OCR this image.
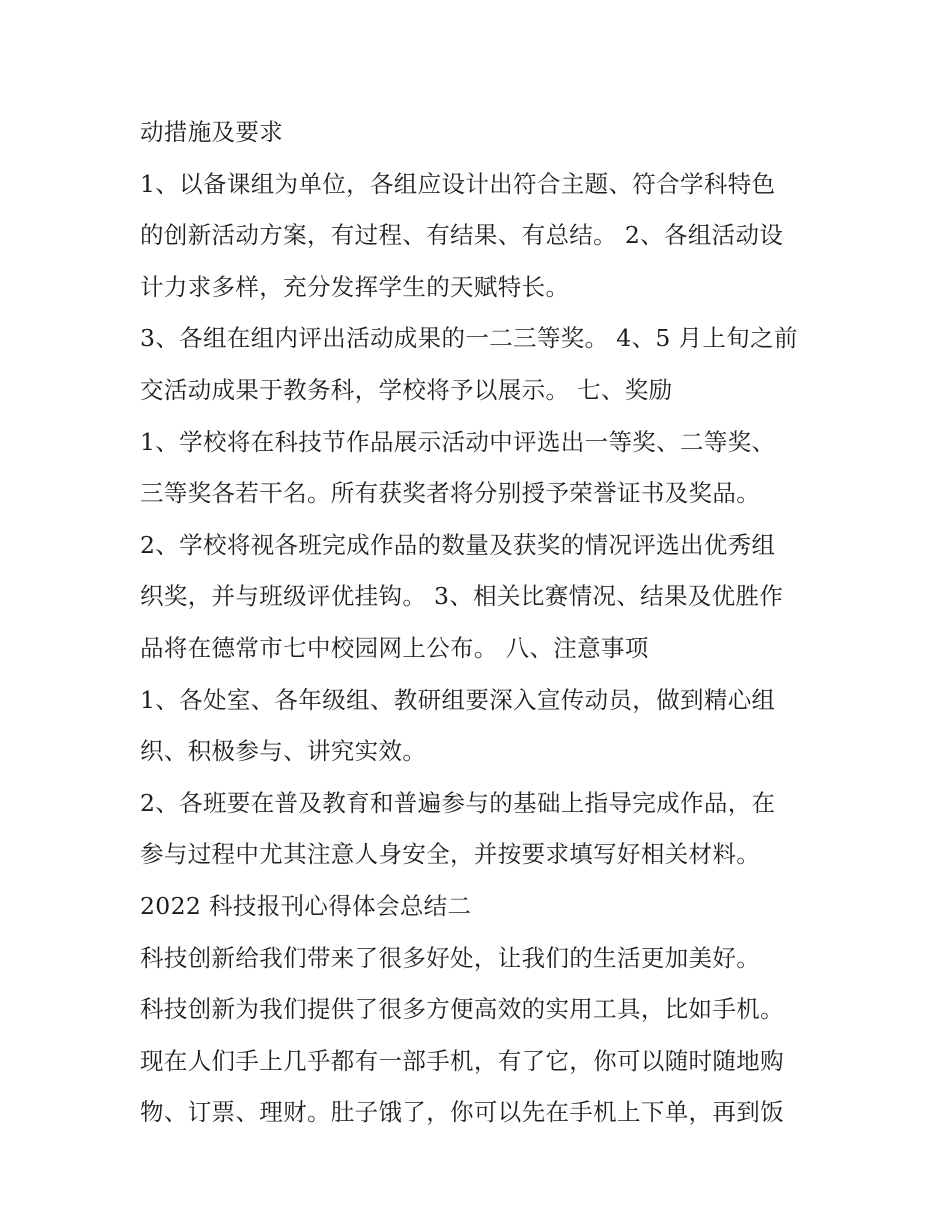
动措施及要求

1、以备课组为单位，各组应设计出符合主题、符合学科特色

的创新活动方案，有过程、有结果、有总结。 2、各组活动设

计力求多样，充分发挥学生的天赋特长。

3、各组在组内评出活动成果的一二三等奖。 4、5 月上旬之前

交活动成果于教务科，学校将予以展示。 七、奖励

1、学校将在科技节作品展示活动中评选出一等奖、二等奖、

三等奖各若干名。所有获奖者将分别授予荣誉证书及奖品。

2、学校将视各班完成作品的数量及获奖的情况评选出优秀组

织奖，并与班级评优挂钩。 3、相关比赛情况、结果及优胜作

品将在德常市七中校园网上公布。 八、注意事项

1、各处室、各年级组、教研组要深入宣传动员，做到精心组

织、积极参与、讲究实效。

2、各班要在普及教育和普遍参与的基础上指导完成作品，在

参与过程中尤其注意人身安全，并按要求填写好相关材料。

2022 科技报刊心得体会总结二

科技创新给我们带来了很多好处，让我们的生活更加美好。

科技创新为我们提供了很多方便高效的实用工具，比如手机。

现在人们手上几乎都有一部手机，有了它，你可以随时随地购

物、订票、理财。肚子饿了，你可以先在手机上下单，再到饭
